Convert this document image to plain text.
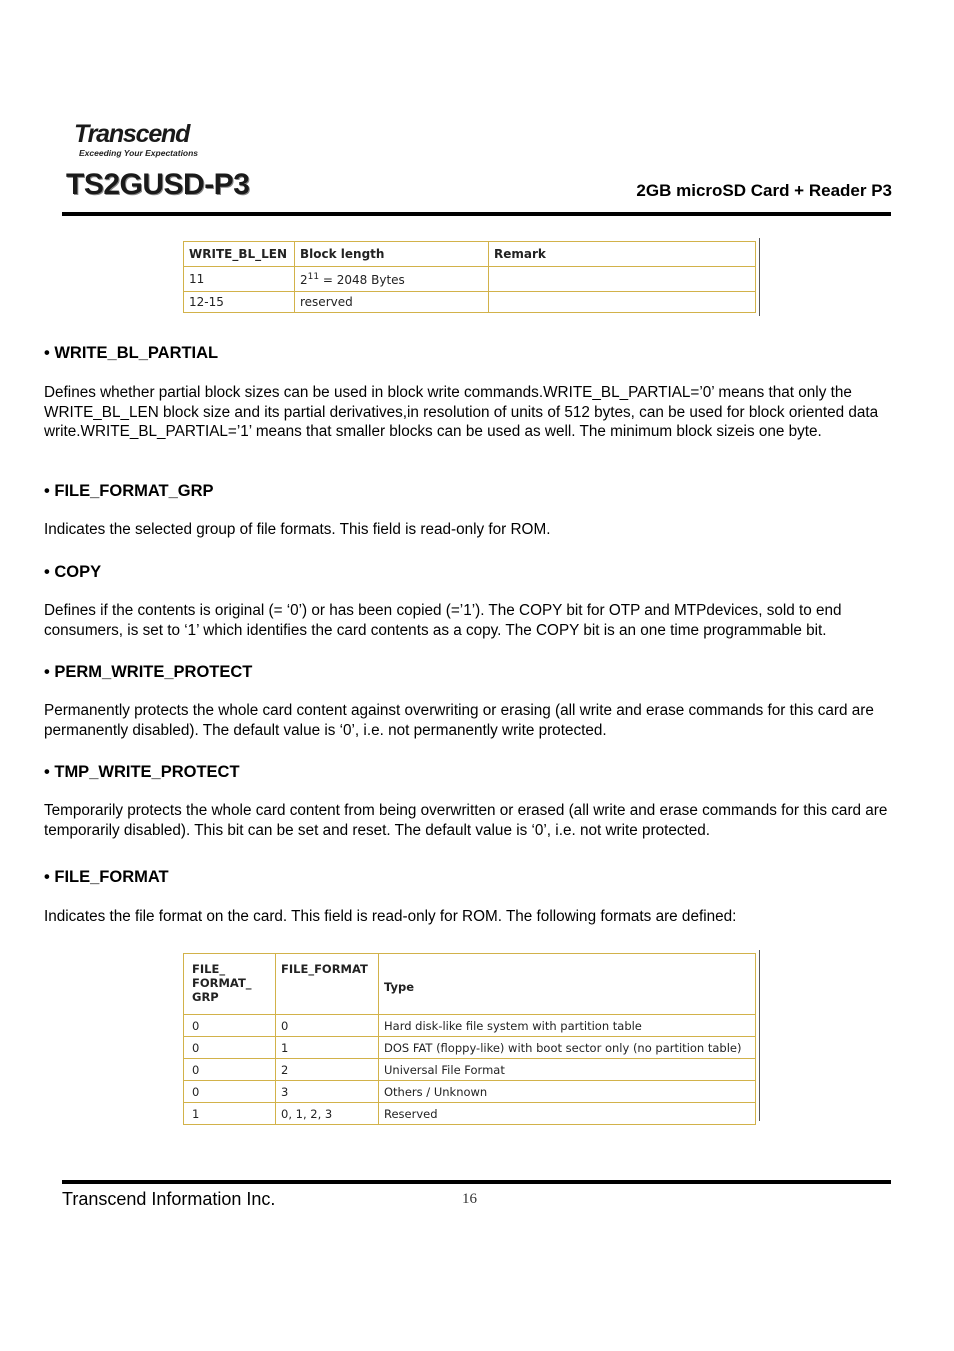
Transcend
Exceeding Your Expectations
TS2GUSD-P3	2GB microSD Card + Reader P3
WRITE_BL_LEN	Block length	Remark
11	$2^{11} = 2048$ Bytes	
12-15	reserved	

• WRITE_BL_PARTIAL

Defines whether partial block sizes can be used in block write commands.WRITE_BL_PARTIAL=’0’ means that only the WRITE_BL_LEN block size and its partial derivatives,in resolution of units of 512 bytes, can be used for block oriented data write.WRITE_BL_PARTIAL=’1’ means that smaller blocks can be used as well. The minimum block sizeis one byte.

• FILE_FORMAT_GRP

Indicates the selected group of file formats. This field is read-only for ROM.

• COPY

Defines if the contents is original (= ‘0’) or has been copied (=’1’). The COPY bit for OTP and MTPdevices, sold to end consumers, is set to ‘1’ which identifies the card contents as a copy. The COPY bit is an one time programmable bit.

• PERM_WRITE_PROTECT

Permanently protects the whole card content against overwriting or erasing (all write and erase commands for this card are permanently disabled). The default value is ‘0’, i.e. not permanently write protected.

• TMP_WRITE_PROTECT

Temporarily protects the whole card content from being overwritten or erased (all write and erase commands for this card are temporarily disabled). This bit can be set and reset. The default value is ‘0’, i.e. not write protected.

• FILE_FORMAT

Indicates the file format on the card. This field is read-only for ROM. The following formats are defined:

FILE_ FORMAT_ GRP	FILE_FORMAT	Type
0	0	Hard disk-like file system with partition table
0	1	DOS FAT (floppy-like) with boot sector only (no partition table)
0	2	Universal File Format
0	3	Others / Unknown
1	0, 1, 2, 3	Reserved
Transcend Information Inc.	16
